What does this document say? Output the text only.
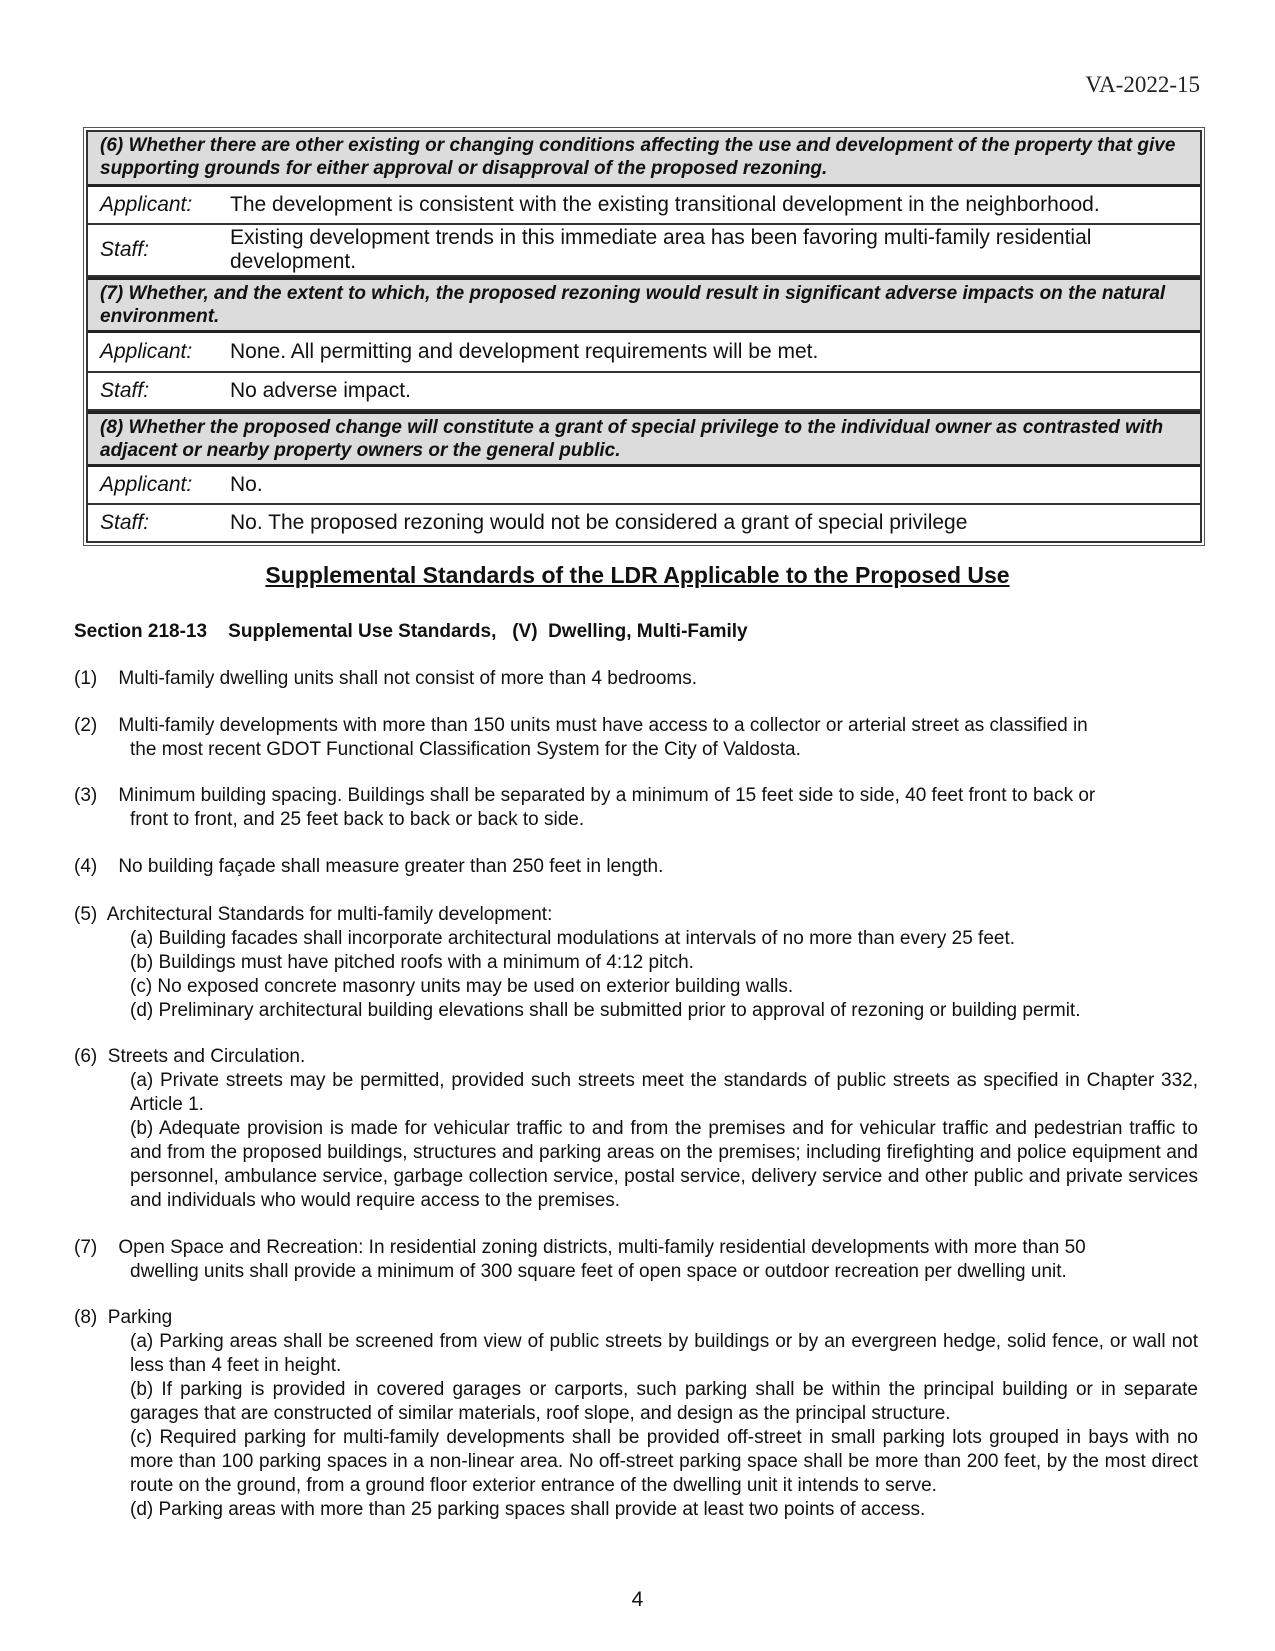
VA-2022-15
(6) Whether there are other existing or changing conditions affecting the use and development of the property that give supporting grounds for either approval or disapproval of the proposed rezoning.
Applicant:	The development is consistent with the existing transitional development in the neighborhood.
Staff:
Existing development trends in this immediate area has been favoring multi-family residential development.
(7) Whether, and the extent to which, the proposed rezoning would result in significant adverse impacts on the natural environment.
Applicant:	None. All permitting and development requirements will be met.
Staff:	No adverse impact.
(8) Whether the proposed change will constitute a grant of special privilege to the individual owner as contrasted with adjacent or nearby property owners or the general public.
Applicant:	No.
Staff:	No. The proposed rezoning would not be considered a grant of special privilege
Supplemental Standards of the LDR Applicable to the Proposed Use
Section 218-13    Supplemental Use Standards,   (V)  Dwelling, Multi-Family
(1)    Multi-family dwelling units shall not consist of more than 4 bedrooms.
(2)    Multi-family developments with more than 150 units must have access to a collector or arterial street as classified in
the most recent GDOT Functional Classification System for the City of Valdosta.
(3)    Minimum building spacing. Buildings shall be separated by a minimum of 15 feet side to side, 40 feet front to back or
front to front, and 25 feet back to back or back to side.
(4)    No building façade shall measure greater than 250 feet in length.
(5)  Architectural Standards for multi-family development:
(a) Building facades shall incorporate architectural modulations at intervals of no more than every 25 feet.
(b) Buildings must have pitched roofs with a minimum of 4:12 pitch.
(c) No exposed concrete masonry units may be used on exterior building walls.
(d) Preliminary architectural building elevations shall be submitted prior to approval of rezoning or building permit.
(6)  Streets and Circulation.
(a) Private streets may be permitted, provided such streets meet the standards of public streets as specified in Chapter 332, Article 1.
(b) Adequate provision is made for vehicular traffic to and from the premises and for vehicular traffic and pedestrian traffic to and from the proposed buildings, structures and parking areas on the premises; including firefighting and police equipment and personnel, ambulance service, garbage collection service, postal service, delivery service and other public and private services and individuals who would require access to the premises.
(7)    Open Space and Recreation: In residential zoning districts, multi-family residential developments with more than 50
dwelling units shall provide a minimum of 300 square feet of open space or outdoor recreation per dwelling unit.
(8)  Parking
(a) Parking areas shall be screened from view of public streets by buildings or by an evergreen hedge, solid fence, or wall not less than 4 feet in height.
(b) If parking is provided in covered garages or carports, such parking shall be within the principal building or in separate garages that are constructed of similar materials, roof slope, and design as the principal structure.
(c) Required parking for multi-family developments shall be provided off-street in small parking lots grouped in bays with no more than 100 parking spaces in a non-linear area. No off-street parking space shall be more than 200 feet, by the most direct route on the ground, from a ground floor exterior entrance of the dwelling unit it intends to serve.
(d) Parking areas with more than 25 parking spaces shall provide at least two points of access.
4
